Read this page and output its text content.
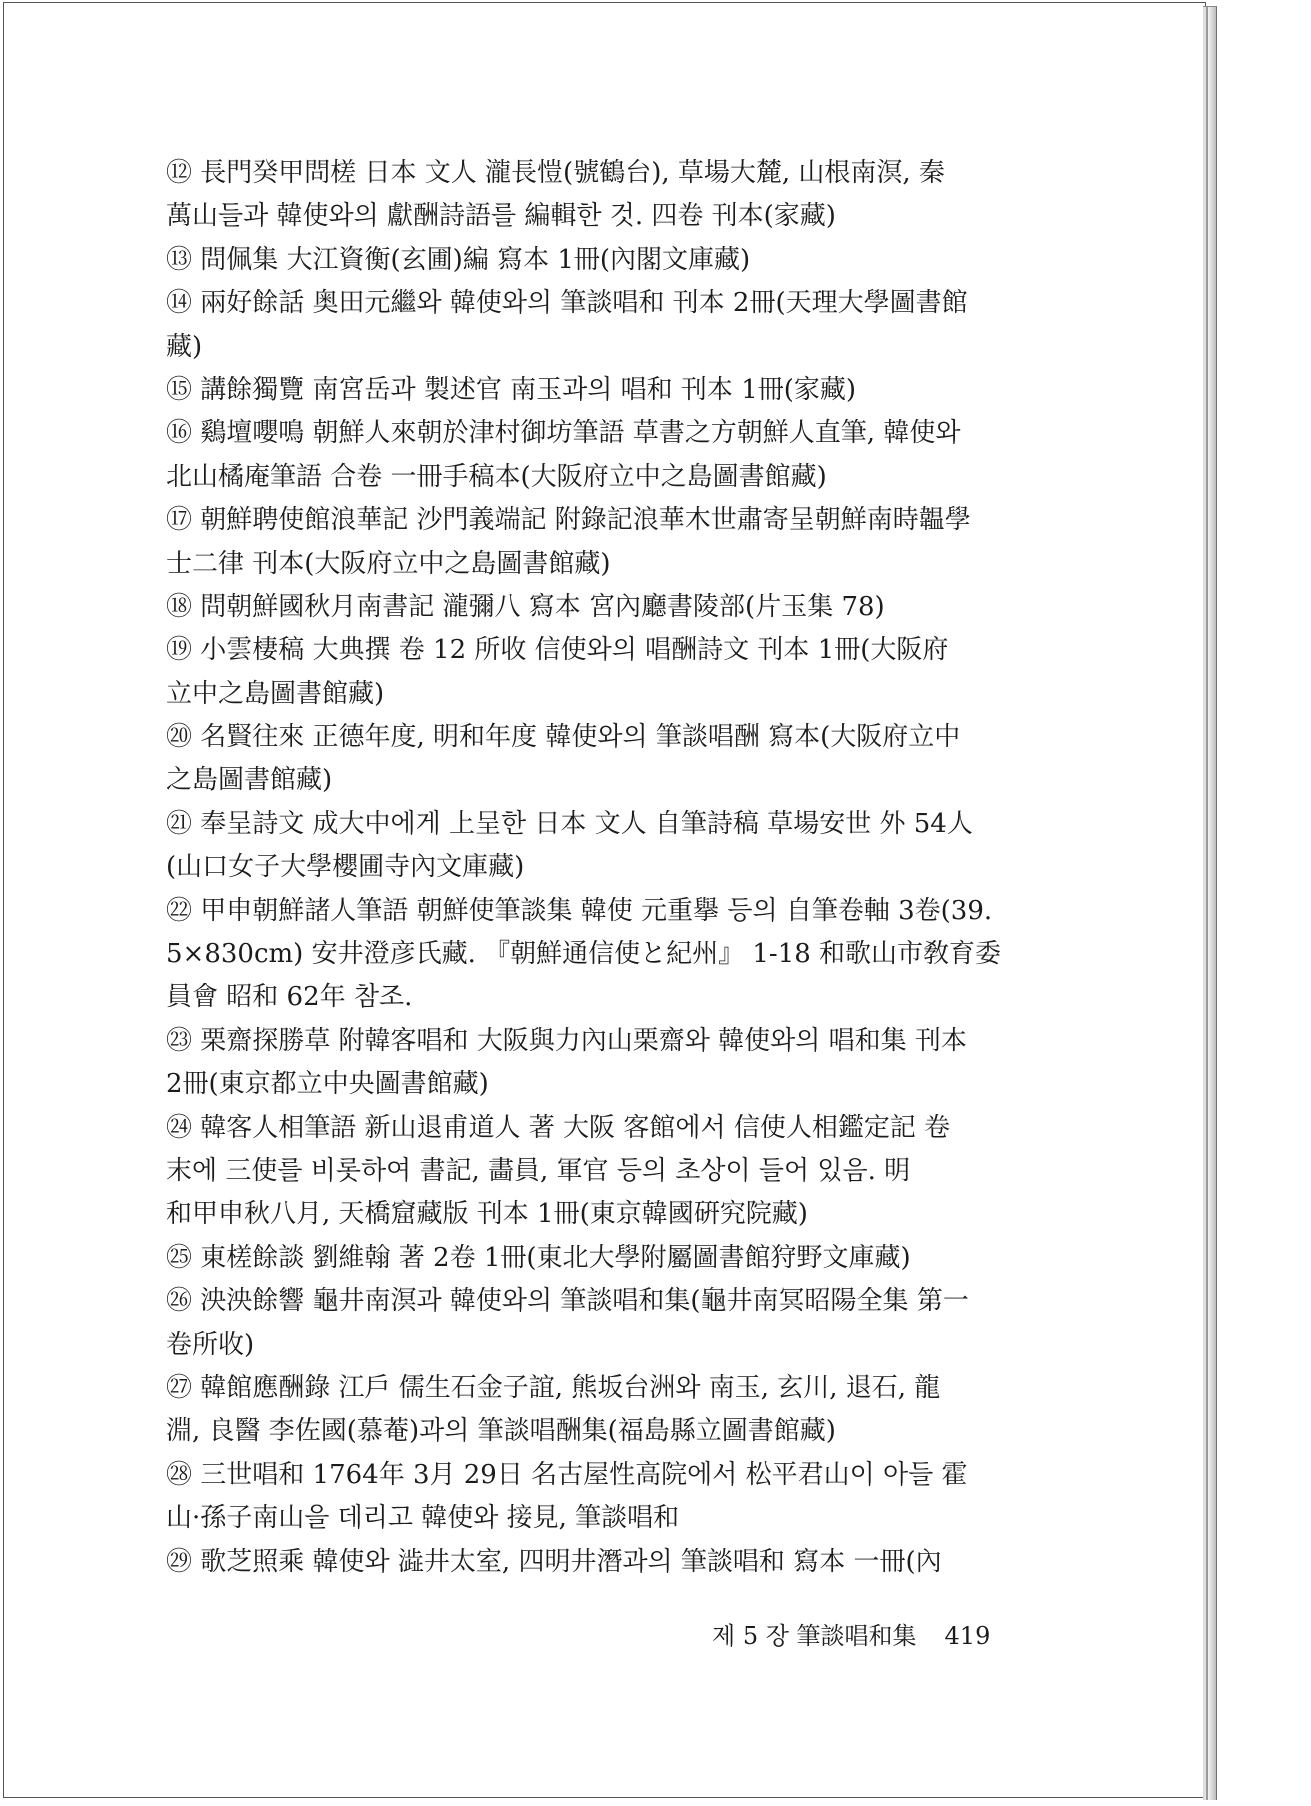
⑫ 長門癸甲問槎 日本 文人 瀧長愷(號鶴台), 草場大麓, 山根南溟, 秦
萬山들과 韓使와의 獻酬詩語를 編輯한 것. 四卷 刊本(家藏)
⑬ 問佩集 大江資衡(玄圃)編 寫本 1冊(內閣文庫藏)
⑭ 兩好餘話 奥田元繼와 韓使와의 筆談唱和 刊本 2冊(天理大學圖書館
藏)
⑮ 講餘獨覽 南宮岳과 製述官 南玉과의 唱和 刊本 1冊(家藏)
⑯ 鷄壇嚶鳴 朝鮮人來朝於津村御坊筆語 草書之方朝鮮人直筆, 韓使와
北山橘庵筆語 合卷 一冊手稿本(大阪府立中之島圖書館藏)
⑰ 朝鮮聘使館浪華記 沙門義端記 附錄記浪華木世肅寄呈朝鮮南時韞學
士二律 刊本(大阪府立中之島圖書館藏)
⑱ 問朝鮮國秋月南書記 瀧彌八 寫本 宮內廳書陵部(片玉集 78)
⑲ 小雲棲稿 大典撰 卷 12 所收 信使와의 唱酬詩文 刊本 1冊(大阪府
立中之島圖書館藏)
⑳ 名賢往來 正德年度, 明和年度 韓使와의 筆談唱酬 寫本(大阪府立中
之島圖書館藏)
㉑ 奉呈詩文 成大中에게 上呈한 日本 文人 自筆詩稿 草場安世 外 54人
(山口女子大學櫻圃寺內文庫藏)
㉒ 甲申朝鮮諸人筆語 朝鮮使筆談集 韓使 元重擧 등의 自筆卷軸 3卷(39.
5×830cm) 安井澄彦氏藏. 『朝鮮通信使と紀州』 1-18 和歌山市敎育委
員會 昭和 62年 참조.
㉓ 栗齋探勝草 附韓客唱和 大阪與力內山栗齋와 韓使와의 唱和集 刊本
2冊(東京都立中央圖書館藏)
㉔ 韓客人相筆語 新山退甫道人 著 大阪 客館에서 信使人相鑑定記 卷
末에 三使를 비롯하여 書記, 畵員, 軍官 등의 초상이 들어 있음. 明
和甲申秋八月, 天橋窟藏版 刊本 1冊(東京韓國硏究院藏)
㉕ 東槎餘談 劉維翰 著 2卷 1冊(東北大學附屬圖書館狩野文庫藏)
㉖ 泱泱餘響 龜井南溟과 韓使와의 筆談唱和集(龜井南冥昭陽全集 第一
卷所收)
㉗ 韓館應酬錄 江戶 儒生石金子誼, 熊坂台洲와 南玉, 玄川, 退石, 龍
淵, 良醫 李佐國(慕菴)과의 筆談唱酬集(福島縣立圖書館藏)
㉘ 三世唱和 1764年 3月 29日 名古屋性高院에서 松平君山이 아들 霍
山·孫子南山을 데리고 韓使와 接見, 筆談唱和
㉙ 歌芝照乘 韓使와 澁井太室, 四明井潛과의 筆談唱和 寫本 一冊(內
제 5 장 筆談唱和集 419
